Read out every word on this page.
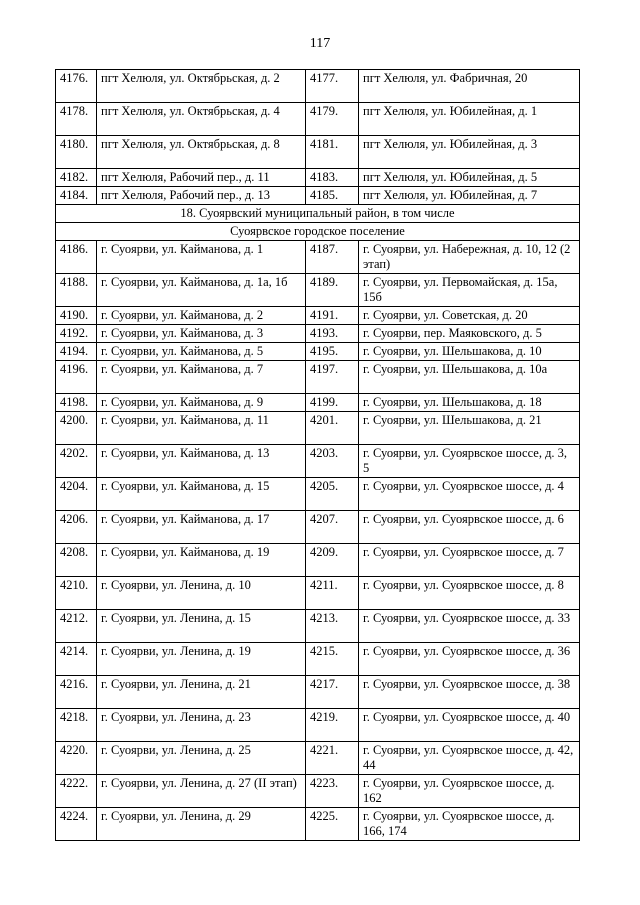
117
4176.	пгт Хелюля, ул. Октябрьская, д. 2	4177.	пгт Хелюля, ул. Фабричная, 20
4178.	пгт Хелюля, ул. Октябрьская, д. 4	4179.	пгт Хелюля, ул. Юбилейная, д. 1
4180.	пгт Хелюля, ул. Октябрьская, д. 8	4181.	пгт Хелюля, ул. Юбилейная, д. 3
4182.	пгт Хелюля, Рабочий пер., д. 11	4183.	пгт Хелюля, ул. Юбилейная, д. 5
4184.	пгт Хелюля, Рабочий пер., д. 13	4185.	пгт Хелюля, ул. Юбилейная, д. 7
18. Суоярвский муниципальный район, в том числе			
Суоярвское городское поселение			
4186.	г. Суоярви, ул. Кайманова, д. 1	4187.	г. Суоярви, ул. Набережная, д. 10, 12 (2 этап)
4188.	г. Суоярви, ул. Кайманова, д. 1а, 1б	4189.	г. Суоярви, ул. Первомайская, д. 15а, 15б
4190.	г. Суоярви, ул. Кайманова, д. 2	4191.	г. Суоярви, ул. Советская, д. 20
4192.	г. Суоярви, ул. Кайманова, д. 3	4193.	г. Суоярви, пер. Маяковского, д. 5
4194.	г. Суоярви, ул. Кайманова, д. 5	4195.	г. Суоярви, ул. Шельшакова, д. 10
4196.	г. Суоярви, ул. Кайманова, д. 7	4197.	г. Суоярви, ул. Шельшакова, д. 10а
4198.	г. Суоярви, ул. Кайманова, д. 9	4199.	г. Суоярви, ул. Шельшакова, д. 18
4200.	г. Суоярви, ул. Кайманова, д. 11	4201.	г. Суоярви, ул. Шельшакова, д. 21
4202.	г. Суоярви, ул. Кайманова, д. 13	4203.	г. Суоярви, ул. Суоярвское шоссе, д. 3, 5
4204.	г. Суоярви, ул. Кайманова, д. 15	4205.	г. Суоярви, ул. Суоярвское шоссе, д. 4
4206.	г. Суоярви, ул. Кайманова, д. 17	4207.	г. Суоярви, ул. Суоярвское шоссе, д. 6
4208.	г. Суоярви, ул. Кайманова, д. 19	4209.	г. Суоярви, ул. Суоярвское шоссе, д. 7
4210.	г. Суоярви, ул. Ленина, д. 10	4211.	г. Суоярви, ул. Суоярвское шоссе, д. 8
4212.	г. Суоярви, ул. Ленина, д. 15	4213.	г. Суоярви, ул. Суоярвское шоссе, д. 33
4214.	г. Суоярви, ул. Ленина, д. 19	4215.	г. Суоярви, ул. Суоярвское шоссе, д. 36
4216.	г. Суоярви, ул. Ленина, д. 21	4217.	г. Суоярви, ул. Суоярвское шоссе, д. 38
4218.	г. Суоярви, ул. Ленина, д. 23	4219.	г. Суоярви, ул. Суоярвское шоссе, д. 40
4220.	г. Суоярви, ул. Ленина, д. 25	4221.	г. Суоярви, ул. Суоярвское шоссе, д. 42, 44
4222.	г. Суоярви, ул. Ленина, д. 27 (II этап)	4223.	г. Суоярви, ул. Суоярвское шоссе, д. 162
4224.	г. Суоярви, ул. Ленина, д. 29	4225.	г. Суоярви, ул. Суоярвское шоссе, д. 166, 174
